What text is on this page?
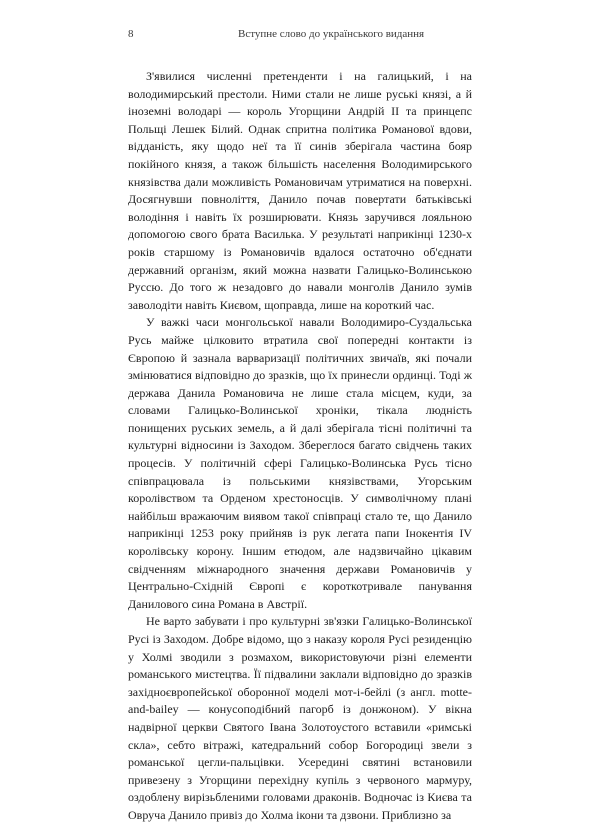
8	Вступне слово до українського видання

З'явилися численні претенденти і на галицький, і на володимирський престоли. Ними стали не лише руські князі, а й іноземні володарі — король Угорщини Андрій II та принцепс Польщі Лешек Білий. Однак спритна політика Романової вдови, відданість, яку щодо неї та її синів зберігала частина бояр покійного князя, а також більшість населення Володимирського князівства дали можливість Романовичам утриматися на поверхні. Досягнувши повноліття, Данило почав повертати батьківські володіння і навіть їх розширювати. Князь заручився лояльною допомогою свого брата Василька. У результаті наприкінці 1230-х років старшому із Романовичів вдалося остаточно об'єднати державний організм, який можна назвати Галицько-Волинською Руссю. До того ж незадовго до навали монголів Данило зумів заволодіти навіть Києвом, щоправда, лише на короткий час.

У важкі часи монгольської навали Володимиро-Суздальська Русь майже цілковито втратила свої попередні контакти із Європою й зазнала варваризації політичних звичаїв, які почали змінюватися відповідно до зразків, що їх принесли ординці. Тоді ж держава Данила Романовича не лише стала місцем, куди, за словами Галицько-Волинської хроніки, тікала людність понищених руських земель, а й далі зберігала тісні політичні та культурні відносини із Заходом. Збереглося багато свідчень таких процесів. У політичній сфері Галицько-Волинська Русь тісно співпрацювала із польськими князівствами, Угорським королівством та Орденом хрестоносців. У символічному плані найбільш вражаючим виявом такої співпраці стало те, що Данило наприкінці 1253 року прийняв із рук легата папи Інокентія IV королівську корону. Іншим етюдом, але надзвичайно цікавим свідченням міжнародного значення держави Романовичів у Центрально-Східній Європі є короткотривале панування Данилового сина Романа в Австрії.

Не варто забувати і про культурні зв'язки Галицько-Волинської Русі із Заходом. Добре відомо, що з наказу короля Русі резиденцію у Холмі зводили з розмахом, використовуючи різні елементи романського мистецтва. Її підвалини заклали відповідно до зразків західноєвропейської оборонної моделі мот-і-бейлі (з англ. motte-and-bailey — конусоподібний пагорб із донжоном). У вікна надвірної церкви Святого Івана Золотоустого вставили «римські скла», себто вітражі, катедральний собор Богородиці звели з романської цегли-пальцівки. Усередині святині встановили привезену з Угорщини перехідну купіль з червоного мармуру, оздоблену вирізьбленими головами драконів. Водночас із Києва та Овруча Данило привіз до Холма ікони та дзвони. Приблизно за
